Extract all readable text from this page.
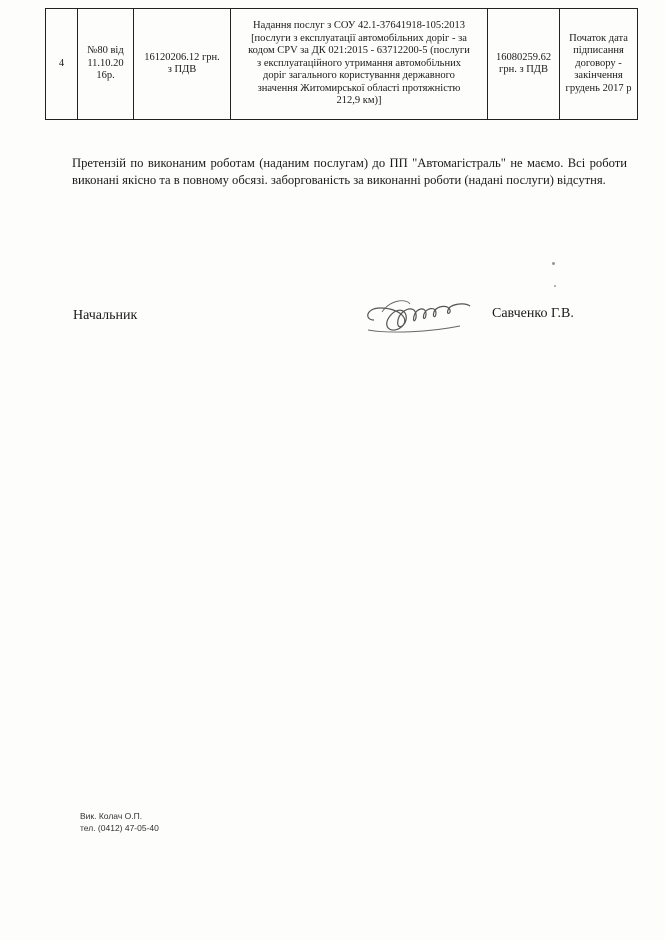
4	
№80 від
11.10.20
16р.

16120206.12 грн.
з ПДВ

Надання послуг з СОУ 42.1-37641918-105:2013
[послуги з експлуатації автомобільних доріг - за
кодом CPV за ДК 021:2015 - 63712200-5 (послуги
з експлуатаційного утримання автомобільних
доріг загального користування державного
значення Житомирської області протяжністю
212,9 км)]

16080259.62
грн. з ПДВ

Початок дата
підписання
договору -
закінчення
грудень 2017 р

Претензій по виконаним роботам (наданим послугам) до ПП "Автомагістраль" не маємо. Всі роботи виконані якісно та в повному обсязі. заборгованість за виконанні роботи (надані послуги) відсутня.

Начальник	Савченко Г.В.
Вик. Колач О.П.
тел. (0412) 47-05-40
